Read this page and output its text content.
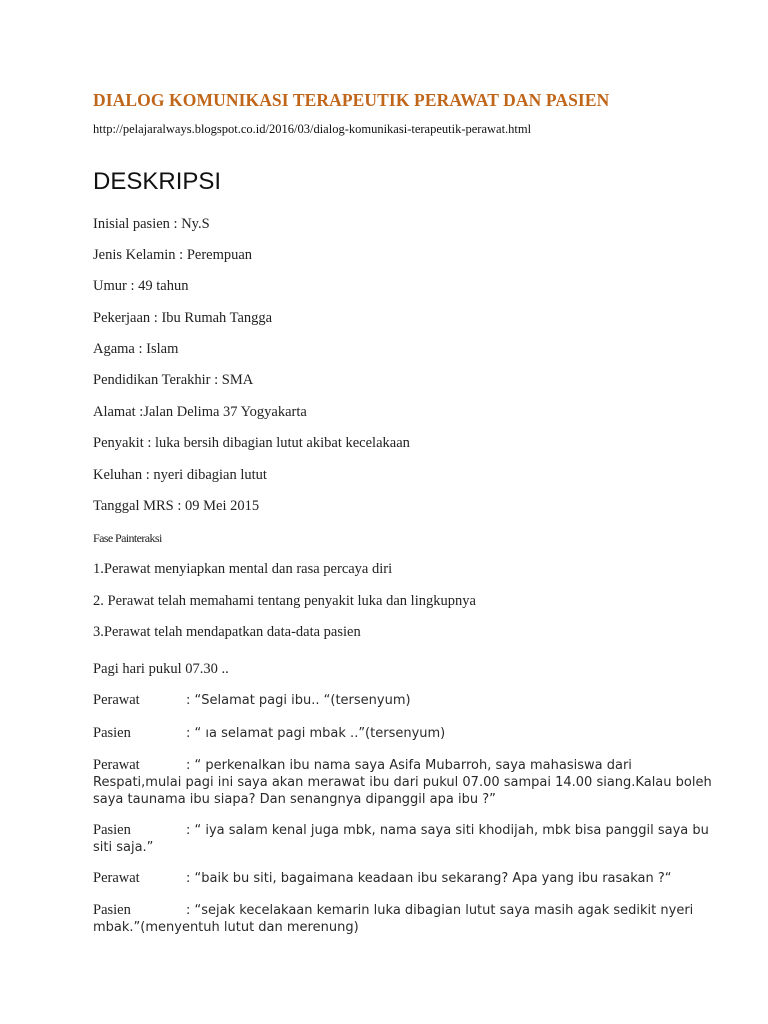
DIALOG KOMUNIKASI TERAPEUTIK PERAWAT DAN PASIEN
http://pelajaralways.blogspot.co.id/2016/03/dialog-komunikasi-terapeutik-perawat.html
DESKRIPSI
Inisial pasien : Ny.S
Jenis Kelamin : Perempuan
Umur : 49 tahun
Pekerjaan : Ibu Rumah Tangga
Agama : Islam
Pendidikan Terakhir : SMA
Alamat :Jalan Delima 37 Yogyakarta
Penyakit : luka bersih dibagian lutut akibat kecelakaan
Keluhan : nyeri dibagian lutut
Tanggal MRS : 09 Mei 2015
Fase Painteraksi
1.Perawat menyiapkan mental dan rasa percaya diri
2. Perawat telah memahami tentang penyakit luka dan lingkupnya
3.Perawat telah mendapatkan data-data pasien
Pagi hari pukul 07.30 ..
Perawat	: “Selamat pagi ibu.. “(tersenyum)
Pasien	: “ ıa selamat pagi mbak ..”(tersenyum)
Perawat	: “ perkenalkan ibu nama saya Asifa Mubarroh, saya mahasiswa dari Respati,mulai pagi ini saya akan merawat ibu dari pukul 07.00 sampai 14.00 siang.Kalau boleh saya taunama ibu siapa? Dan senangnya dipanggil apa ibu ?”
Pasien	: “ iya salam kenal juga mbk, nama saya siti khodijah, mbk bisa panggil saya bu siti saja.”
Perawat	: “baik bu siti, bagaimana keadaan ibu sekarang? Apa yang ibu rasakan ?“
Pasien	: “sejak kecelakaan kemarin luka dibagian lutut saya masih agak sedikit nyeri mbak.”(menyentuh lutut dan merenung)
